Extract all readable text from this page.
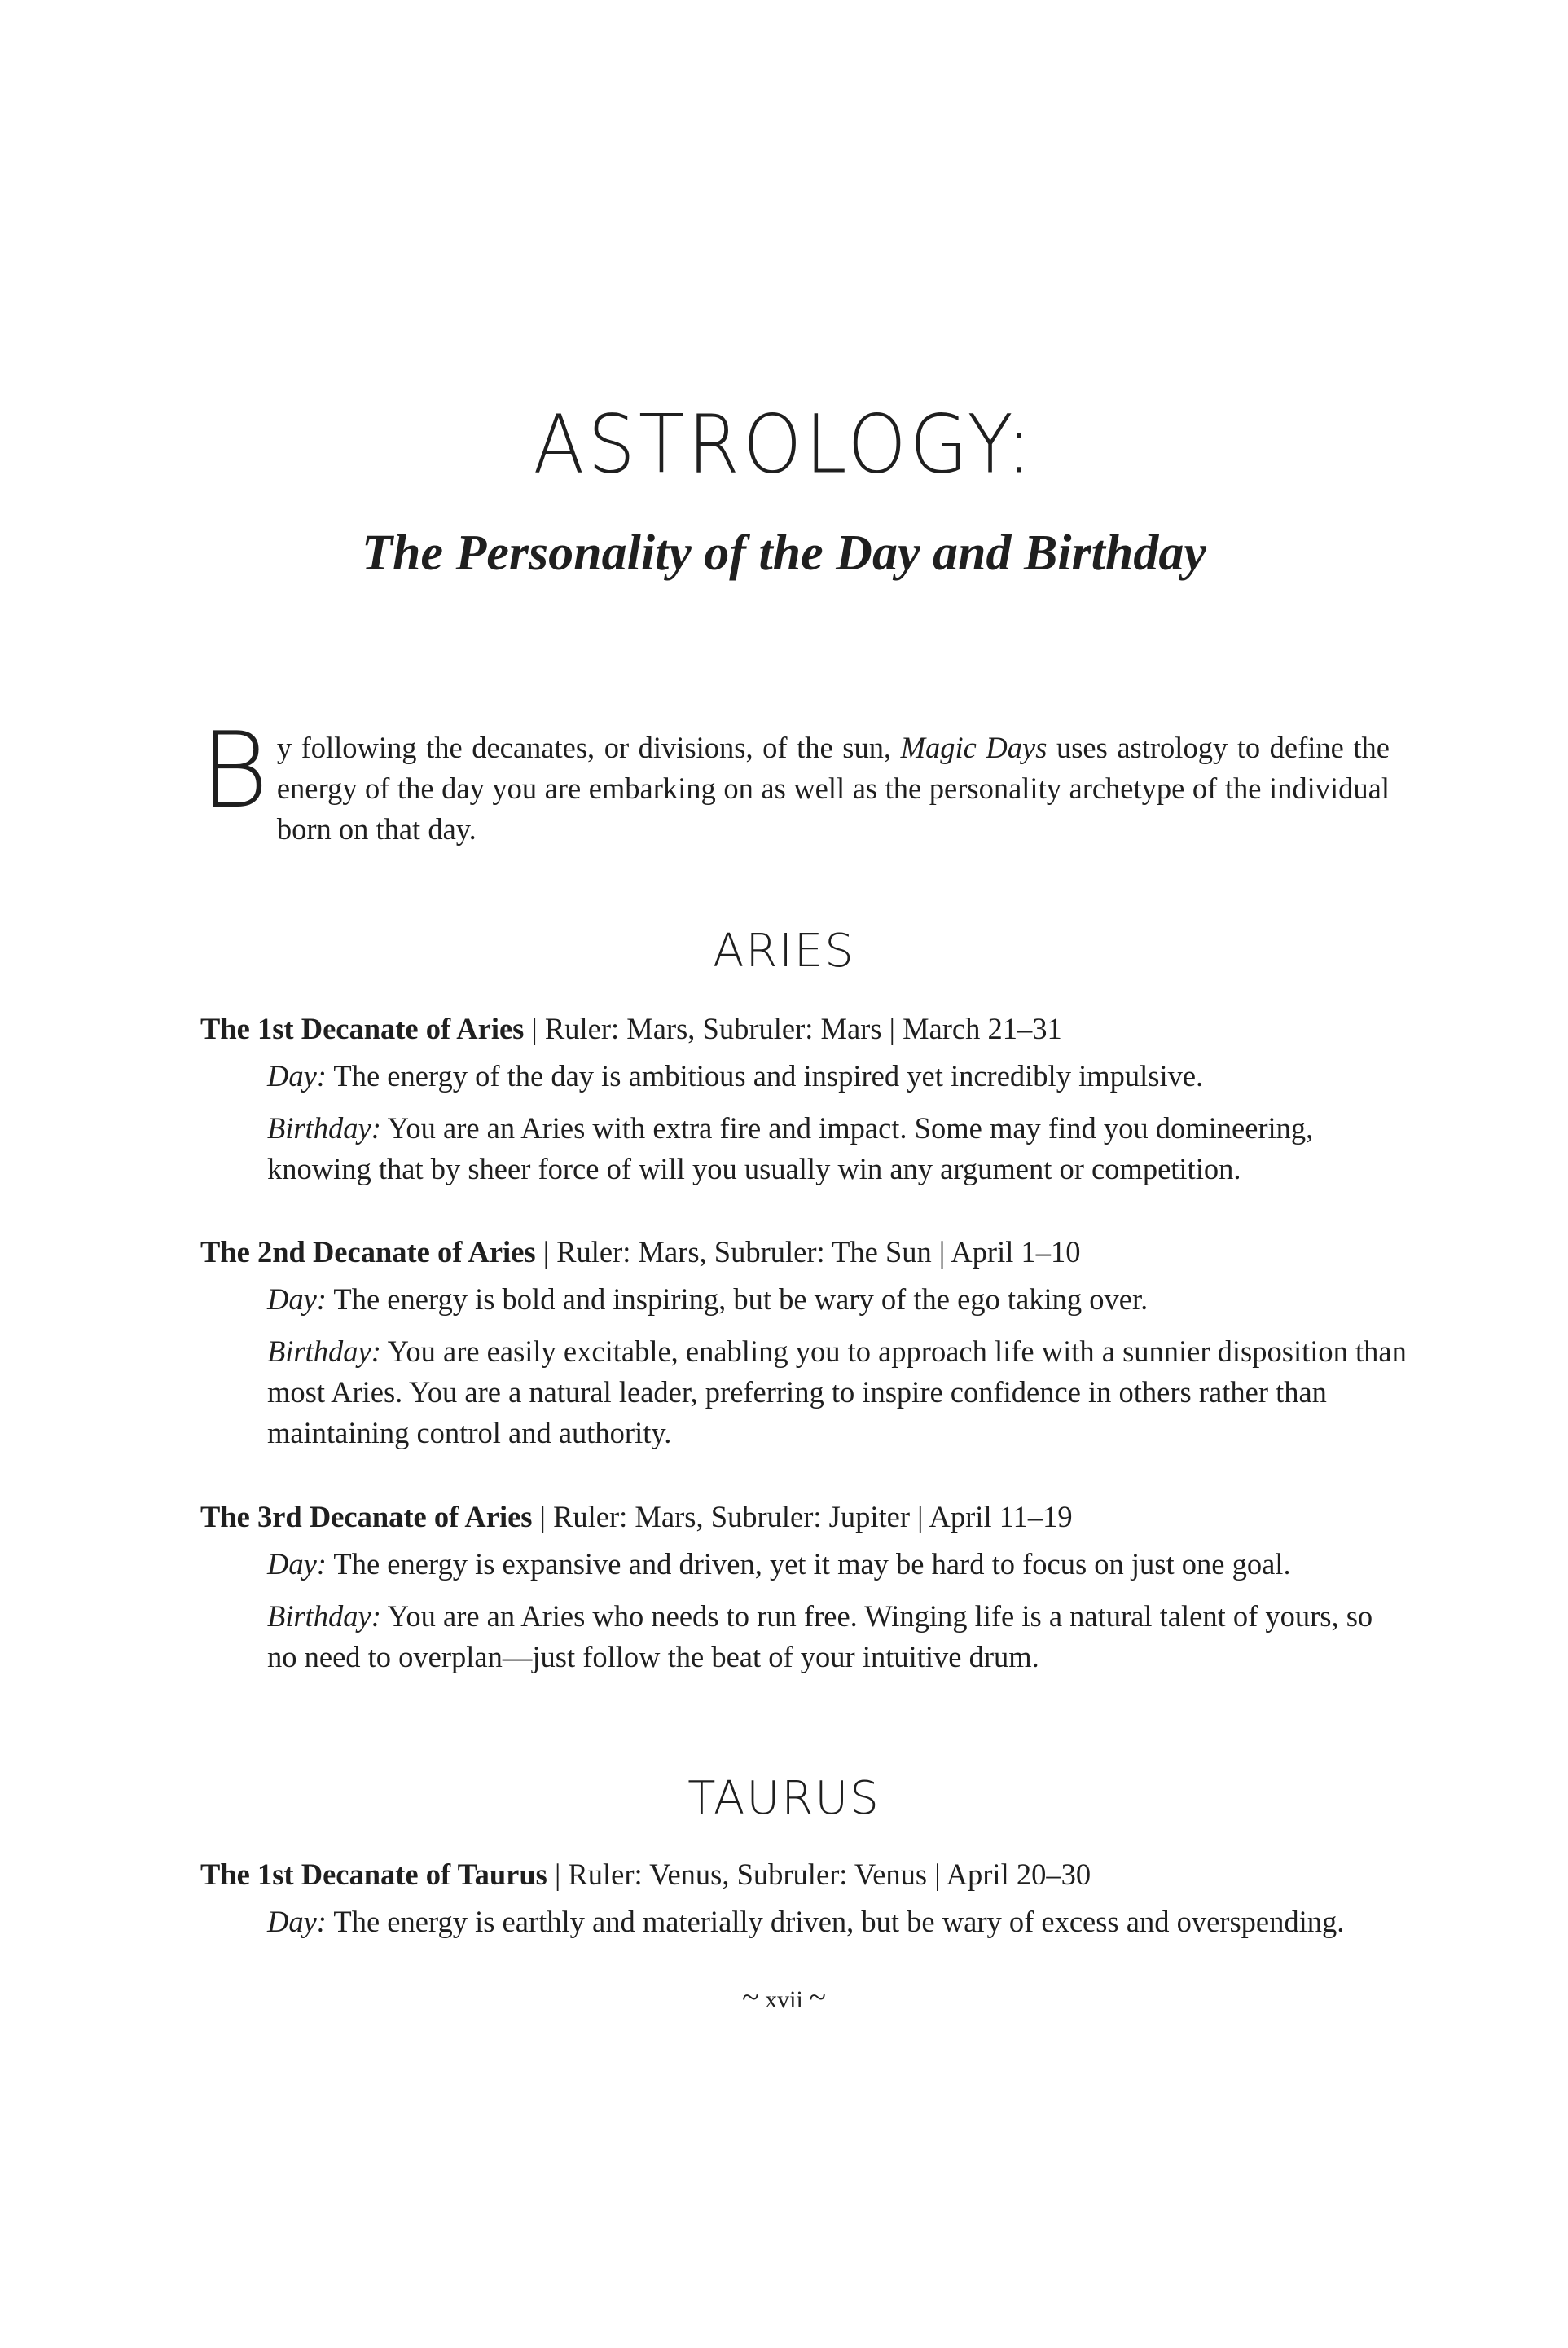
ASTROLOGY:
The Personality of the Day and Birthday

By following the decanates, or divisions, of the sun, Magic Days uses astrology to define the energy of the day you are embarking on as well as the personality archetype of the individual born on that day.

ARIES

The 1st Decanate of Aries | Ruler: Mars, Subruler: Mars | March 21–31

Day: The energy of the day is ambitious and inspired yet incredibly impulsive.

Birthday: You are an Aries with extra fire and impact. Some may find you domineering, knowing that by sheer force of will you usually win any argument or competition.

The 2nd Decanate of Aries | Ruler: Mars, Subruler: The Sun | April 1–10

Day: The energy is bold and inspiring, but be wary of the ego taking over.

Birthday: You are easily excitable, enabling you to approach life with a sunnier disposition than most Aries. You are a natural leader, preferring to inspire confidence in others rather than maintaining control and authority.

The 3rd Decanate of Aries | Ruler: Mars, Subruler: Jupiter | April 11–19

Day: The energy is expansive and driven, yet it may be hard to focus on just one goal.

Birthday: You are an Aries who needs to run free. Winging life is a natural talent of yours, so no need to overplan—just follow the beat of your intuitive drum.

TAURUS

The 1st Decanate of Taurus | Ruler: Venus, Subruler: Venus | April 20–30

Day: The energy is earthly and materially driven, but be wary of excess and overspending.

~ xvii ~
